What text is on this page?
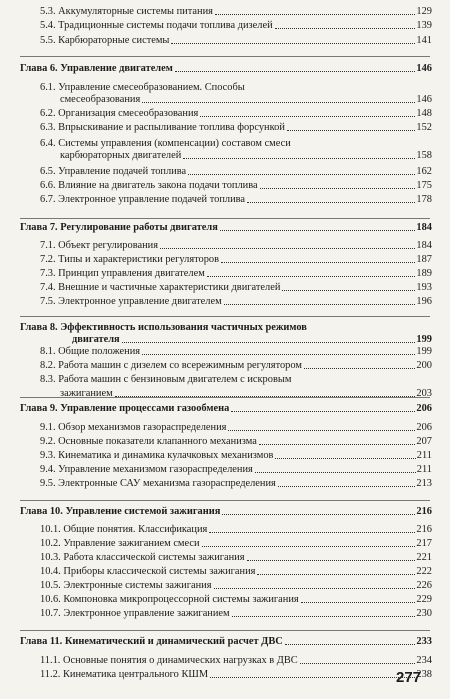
5.3. Аккумуляторные системы питания	129
5.4. Традиционные системы подачи топлива дизелей	139
5.5. Карбюраторные системы	141
Глава 6. Управление двигателем	146
6.1. Управление смесеобразованием. Способы
смесеобразования	146
6.2. Организация смесеобразования	148
6.3. Впрыскивание и распыливание топлива форсункой	152
6.4. Системы управления (компенсации) составом смеси
карбюраторных двигателей	158
6.5. Управление подачей топлива	162
6.6. Влияние на двигатель закона подачи топлива	175
6.7. Электронное управление подачей топлива	178
Глава 7. Регулирование работы двигателя	184
7.1. Объект регулирования	184
7.2. Типы и характеристики регуляторов	187
7.3. Принцип управления двигателем	189
7.4. Внешние и частичные характеристики двигателей	193
7.5. Электронное управление двигателем	196
Глава 8. Эффективность использования частичных режимов
двигателя	199
8.1. Общие положения	199
8.2. Работа машин с дизелем со всережимным регулятором	200
8.3. Работа машин с бензиновым двигателем с искровым
зажиганием	203
Глава 9. Управление процессами газообмена	206
9.1. Обзор механизмов газораспределения	206
9.2. Основные показатели клапанного механизма	207
9.3. Кинематика и динамика кулачковых механизмов	211
9.4. Управление механизмом газораспределения	211
9.5. Электронные САУ механизма газораспределения	213
Глава 10. Управление системой зажигания	216
10.1. Общие понятия. Классификация	216
10.2. Управление зажиганием смеси	217
10.3. Работа классической системы зажигания	221
10.4. Приборы классической системы зажигания	222
10.5. Электронные системы зажигания	226
10.6. Компоновка микропроцессорной системы зажигания	229
10.7. Электронное управление зажиганием	230
Глава 11. Кинематический и динамический расчет ДВС	233
11.1. Основные понятия о динамических нагрузках в ДВС	234
11.2. Кинематика центрального КШМ	238
277
